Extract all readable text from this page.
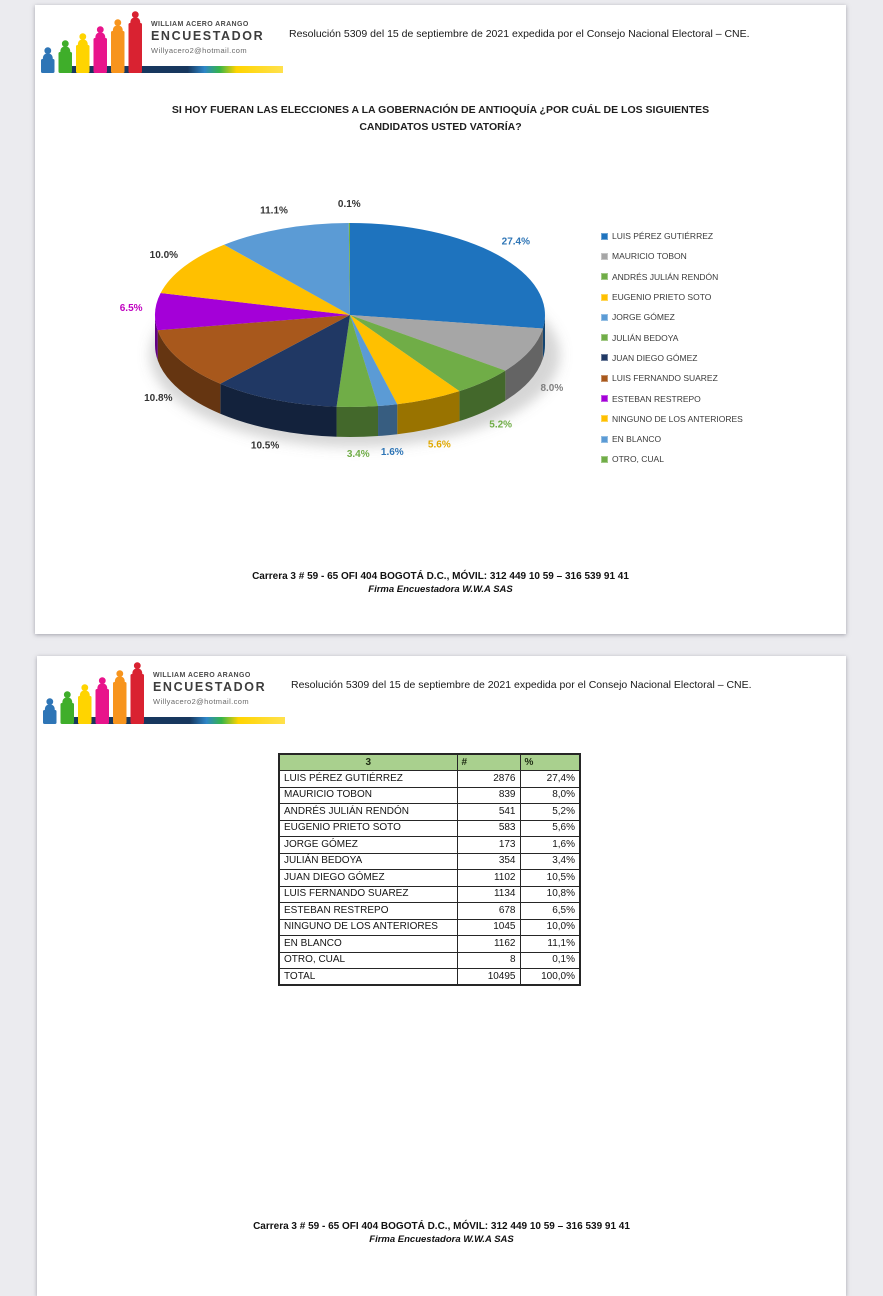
WILLIAM ACERO ARANGO
ENCUESTADOR
Willyacero2@hotmail.com
Resolución 5309 del 15 de septiembre de 2021 expedida por el Consejo Nacional Electoral – CNE.
SI HOY FUERAN LAS ELECCIONES A LA GOBERNACIÓN DE ANTIOQUÍA ¿POR CUÁL DE LOS SIGUIENTES
CANDIDATOS USTED VATORÍA?
27.4%
8.0%
5.2%
5.6%
1.6%
3.4%
10.5%
10.8%
6.5%
10.0%
11.1%
0.1%
LUIS PÉREZ GUTIÉRREZ
MAURICIO TOBON
ANDRÉS JULIÁN RENDÓN
EUGENIO PRIETO SOTO
JORGE GÓMEZ
JULIÁN BEDOYA
JUAN DIEGO GÓMEZ
LUIS FERNANDO SUAREZ
ESTEBAN RESTREPO
NINGUNO DE LOS ANTERIORES
EN BLANCO
OTRO, CUAL
Carrera 3 # 59 - 65 OFI 404 BOGOTÁ D.C., MÓVIL: 312 449 10 59 – 316 539 91 41
Firma Encuestadora W.W.A SAS
WILLIAM ACERO ARANGO
ENCUESTADOR
Willyacero2@hotmail.com
Resolución 5309 del 15 de septiembre de 2021 expedida por el Consejo Nacional Electoral – CNE.
3	#	%
LUIS PÉREZ GUTIÉRREZ	2876	27,4%
MAURICIO TOBON	839	8,0%
ANDRÉS JULIÁN RENDÓN	541	5,2%
EUGENIO PRIETO SOTO	583	5,6%
JORGE GÓMEZ	173	1,6%
JULIÁN BEDOYA	354	3,4%
JUAN DIEGO GÓMEZ	1102	10,5%
LUIS FERNANDO SUAREZ	1134	10,8%
ESTEBAN RESTREPO	678	6,5%
NINGUNO DE LOS ANTERIORES	1045	10,0%
EN BLANCO	1162	11,1%
OTRO, CUAL	8	0,1%
TOTAL	10495	100,0%
Carrera 3 # 59 - 65 OFI 404 BOGOTÁ D.C., MÓVIL: 312 449 10 59 – 316 539 91 41
Firma Encuestadora W.W.A SAS
